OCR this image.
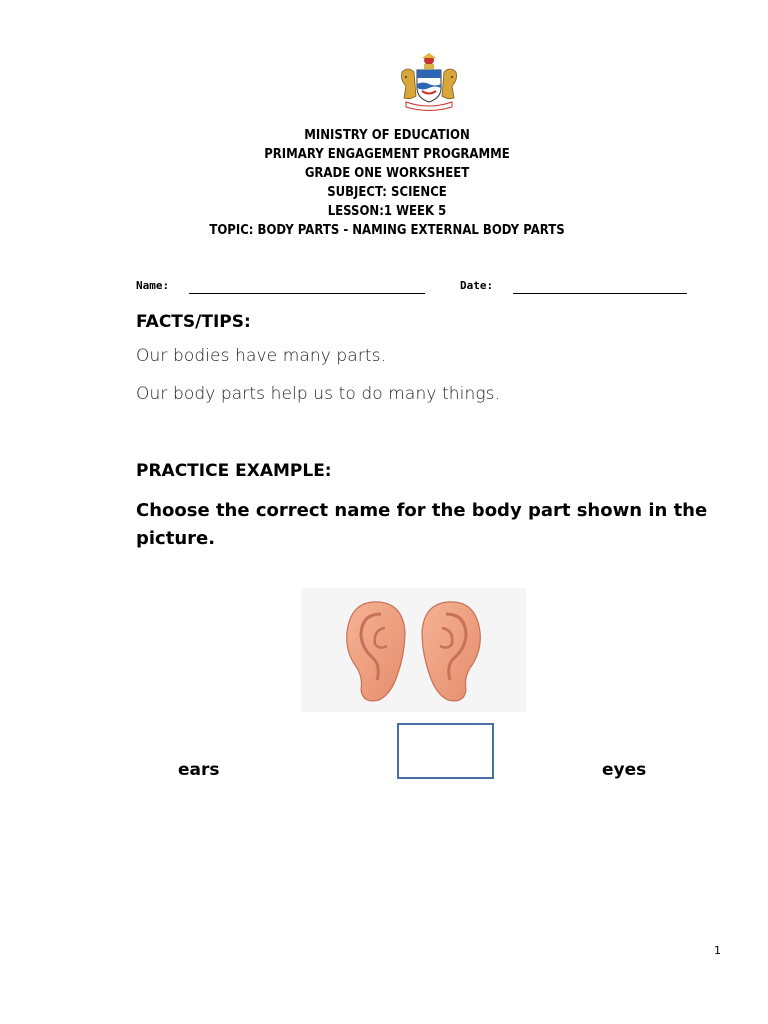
MINISTRY OF EDUCATION
PRIMARY ENGAGEMENT PROGRAMME
GRADE ONE WORKSHEET
SUBJECT: SCIENCE
LESSON:1 WEEK 5
TOPIC: BODY PARTS - NAMING EXTERNAL BODY PARTS
Name:	Date:
FACTS/TIPS:
Our bodies have many parts.
Our body parts help us to do many things.
PRACTICE EXAMPLE:
Choose the correct name for the body part shown in the picture.
ears	eyes
1
